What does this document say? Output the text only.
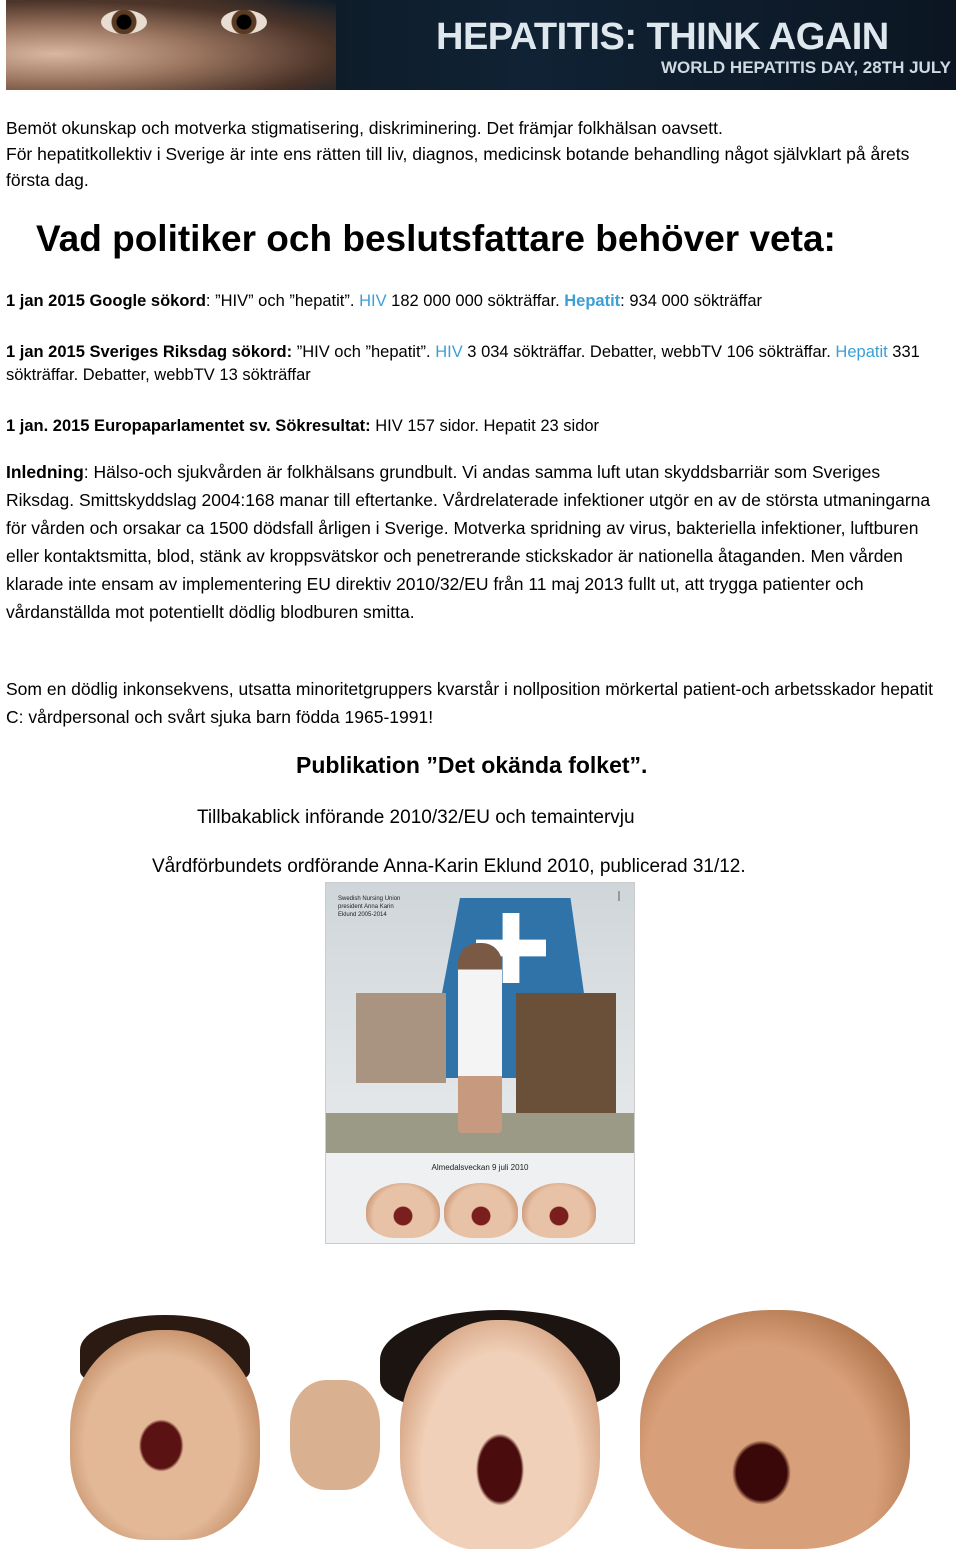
HEPATITIS: THINK AGAIN
WORLD HEPATITIS DAY, 28TH JULY
Bemöt okunskap och motverka stigmatisering, diskriminering. Det främjar folkhälsan oavsett.
För hepatitkollektiv i Sverige är inte ens rätten till liv, diagnos, medicinsk botande behandling något självklart på årets första dag.
Vad politiker och beslutsfattare behöver veta:
1 jan 2015 Google sökord: ”HIV” och ”hepatit”. HIV 182 000 000 sökträffar. Hepatit: 934 000 sökträffar
1 jan 2015 Sveriges Riksdag sökord: ”HIV och ”hepatit”. HIV 3 034 sökträffar. Debatter, webbTV 106 sökträffar. Hepatit 331 sökträffar. Debatter, webbTV 13 sökträffar
1 jan. 2015 Europaparlamentet sv. Sökresultat: HIV 157 sidor. Hepatit 23 sidor
Inledning: Hälso-och sjukvården är folkhälsans grundbult. Vi andas samma luft utan skyddsbarriär som Sveriges Riksdag. Smittskyddslag 2004:168 manar till eftertanke. Vårdrelaterade infektioner utgör en av de största utmaningarna för vården och orsakar ca 1500 dödsfall årligen i Sverige. Motverka spridning av virus, bakteriella infektioner, luftburen eller kontaktsmitta, blod, stänk av kroppsvätskor och penetrerande stickskador är nationella åtaganden. Men vården klarade inte ensam av implementering EU direktiv 2010/32/EU från 11 maj 2013 fullt ut, att trygga patienter och vårdanställda mot potentiellt dödlig blodburen smitta.
Som en dödlig inkonsekvens, utsatta minoritetgruppers kvarstår i nollposition mörkertal patient-och arbetsskador hepatit C: vårdpersonal och svårt sjuka barn födda 1965-1991!
Publikation ”Det okända folket”.
Tillbakablick införande 2010/32/EU och temaintervju
Vårdförbundets ordförande Anna-Karin Eklund 2010, publicerad 31/12.
Swedish Nursing Union president Anna Karin Eklund 2005-2014
Almedalsveckan 9 juli 2010
